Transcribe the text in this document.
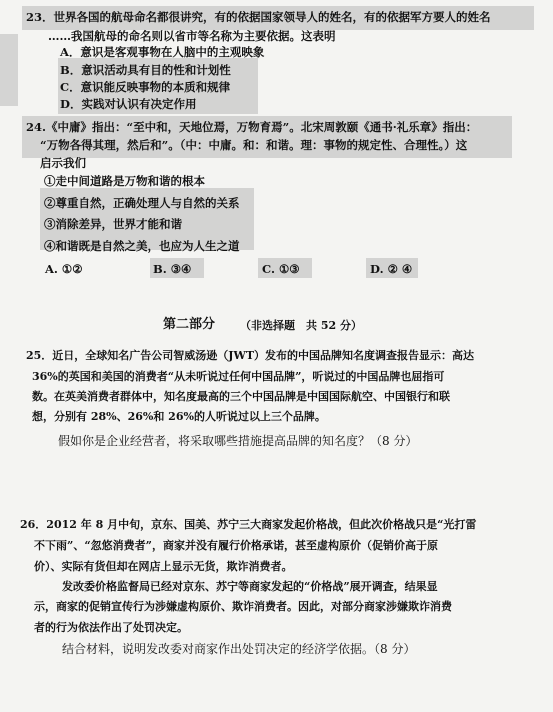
23．世界各国的航母命名都很讲究，有的依据国家领导人的姓名，有的依据军方要人的姓名
……我国航母的命名则以省市等名称为主要依据。这表明
A．意识是客观事物在人脑中的主观映象
B．意识活动具有目的性和计划性
C．意识能反映事物的本质和规律
D．实践对认识有决定作用
24.《中庸》指出：“至中和，天地位焉，万物育焉”。北宋周敦颐《通书·礼乐章》指出：
“万物各得其理，然后和”。（中：中庸。和：和谐。理：事物的规定性、合理性。）这
启示我们
①走中间道路是万物和谐的根本
②尊重自然，正确处理人与自然的关系
③消除差异，世界才能和谐
④和谐既是自然之美，也应为人生之道
A. ①②	B. ③④	C. ①③	D. ② ④
第二部分 （非选择题　共 52 分）
25．近日，全球知名广告公司智威汤逊（JWT）发布的中国品牌知名度调查报告显示：高达
36%的英国和美国的消费者“从未听说过任何中国品牌”，听说过的中国品牌也屈指可
数。在英美消费者群体中，知名度最高的三个中国品牌是中国国际航空、中国银行和联
想，分别有 28%、26%和 26%的人听说过以上三个品牌。
假如你是企业经营者，将采取哪些措施提高品牌的知名度？（8 分）
26．2012 年 8 月中旬，京东、国美、苏宁三大商家发起价格战，但此次价格战只是“光打雷
不下雨”、“忽悠消费者”，商家并没有履行价格承诺，甚至虚构原价（促销价高于原
价）、实际有货但却在网店上显示无货，欺诈消费者。
发改委价格监督局已经对京东、苏宁等商家发起的“价格战”展开调查，结果显
示，商家的促销宣传行为涉嫌虚构原价、欺诈消费者。因此，对部分商家涉嫌欺诈消费
者的行为依法作出了处罚决定。
结合材料，说明发改委对商家作出处罚决定的经济学依据。（8 分）
